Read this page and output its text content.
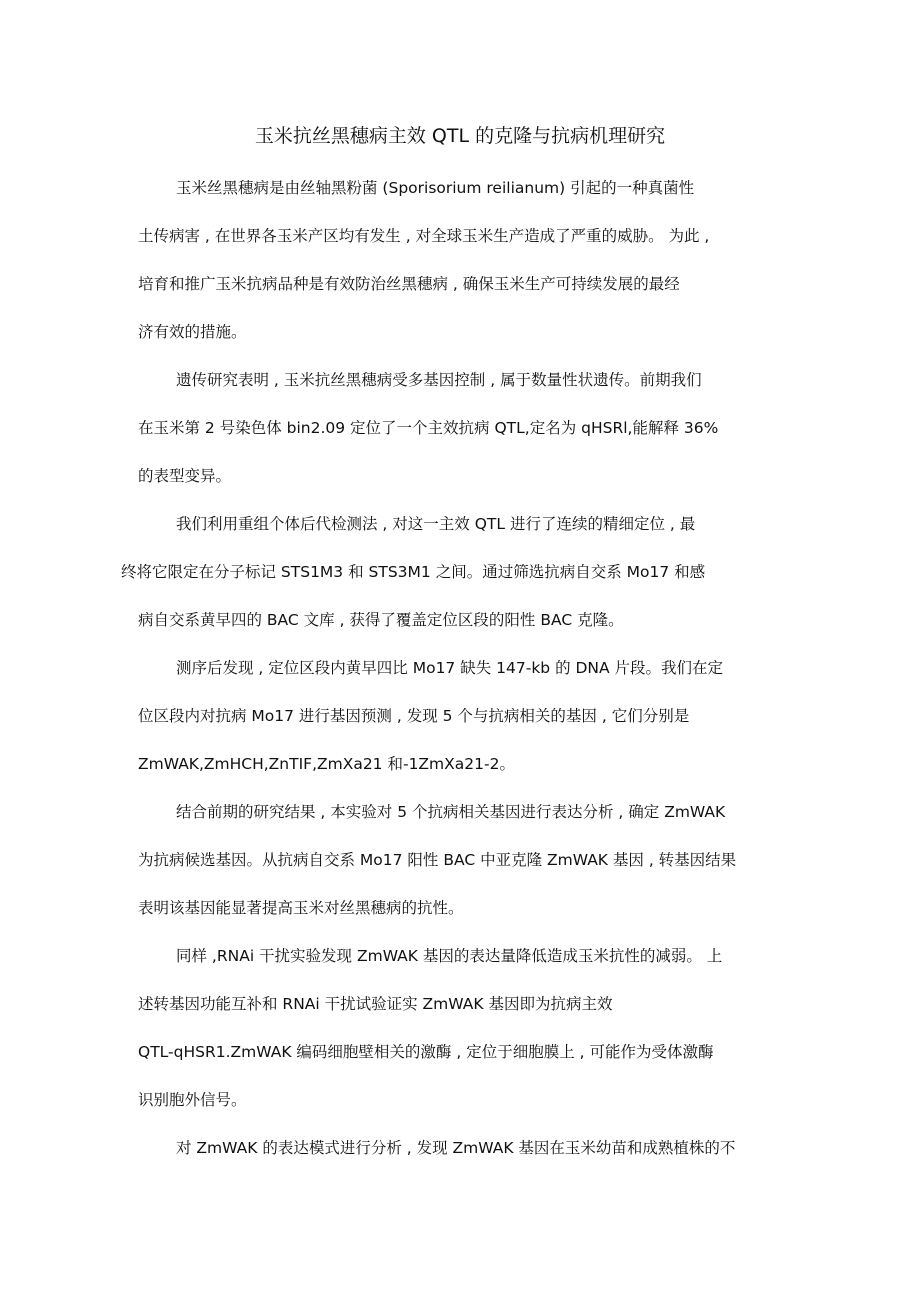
玉米抗丝黑穗病主效 QTL 的克隆与抗病机理研究
玉米丝黑穗病是由丝轴黑粉菌 (Sporisorium reilianum) 引起的一种真菌性
土传病害 , 在世界各玉米产区均有发生 , 对全球玉米生产造成了严重的威胁。 为此 ,
培育和推广玉米抗病品种是有效防治丝黑穗病 , 确保玉米生产可持续发展的最经
济有效的措施。
遗传研究表明 , 玉米抗丝黑穗病受多基因控制 , 属于数量性状遗传。前期我们
在玉米第 2 号染色体 bin2.09 定位了一个主效抗病 QTL,定名为 qHSRl,能解释 36%
的表型变异。
我们利用重组个体后代检测法 , 对这一主效 QTL 进行了连续的精细定位 , 最
终将它限定在分子标记 STS1M3 和 STS3M1 之间。通过筛选抗病自交系 Mo17 和感
病自交系黄早四的 BAC 文库 , 获得了覆盖定位区段的阳性 BAC 克隆。
测序后发现 , 定位区段内黄早四比 Mo17 缺失 147-kb 的 DNA 片段。我们在定
位区段内对抗病 Mo17 进行基因预测 , 发现 5 个与抗病相关的基因 , 它们分别是
ZmWAK,ZmHCH,ZnTIF,ZmXa21 和-1ZmXa21-2。
结合前期的研究结果 , 本实验对 5 个抗病相关基因进行表达分析 , 确定 ZmWAK
为抗病候选基因。从抗病自交系 Mo17 阳性 BAC 中亚克隆 ZmWAK 基因 , 转基因结果
表明该基因能显著提高玉米对丝黑穗病的抗性。
同样 ,RNAi 干扰实验发现 ZmWAK 基因的表达量降低造成玉米抗性的减弱。 上
述转基因功能互补和 RNAi 干扰试验证实 ZmWAK 基因即为抗病主效
QTL-qHSR1.ZmWAK 编码细胞壁相关的激酶 , 定位于细胞膜上 , 可能作为受体激酶
识别胞外信号。
对 ZmWAK 的表达模式进行分析 , 发现 ZmWAK 基因在玉米幼苗和成熟植株的不
